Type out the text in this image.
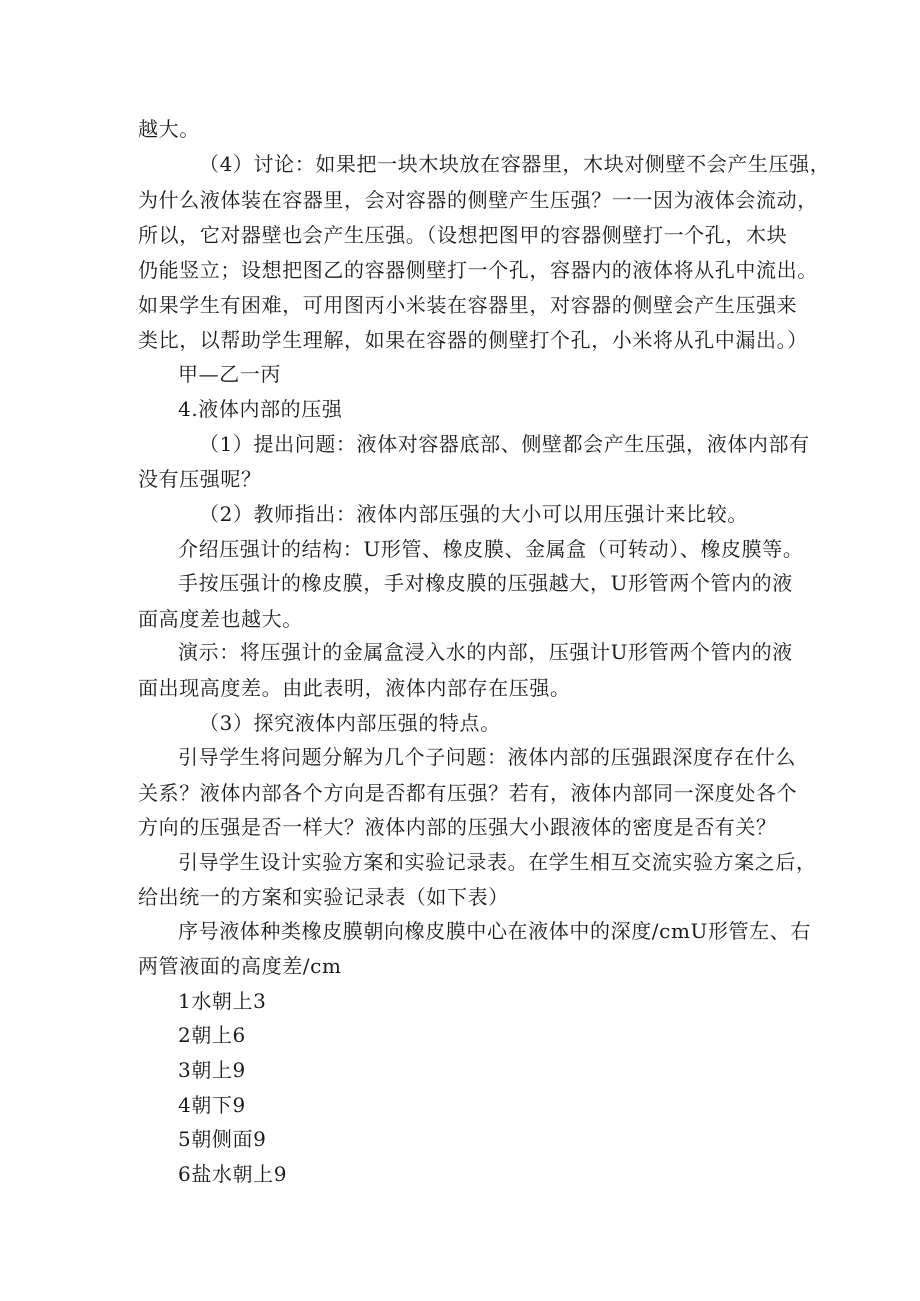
越大。
（4）讨论：如果把一块木块放在容器里，木块对侧壁不会产生压强，
为什么液体装在容器里，会对容器的侧壁产生压强？一一因为液体会流动，
所以，它对器壁也会产生压强。（设想把图甲的容器侧壁打一个孔，木块
仍能竖立；设想把图乙的容器侧壁打一个孔，容器内的液体将从孔中流出。
如果学生有困难，可用图丙小米装在容器里，对容器的侧壁会产生压强来
类比，以帮助学生理解，如果在容器的侧壁打个孔，小米将从孔中漏出。）
甲—乙一丙
4.液体内部的压强
（1）提出问题：液体对容器底部、侧壁都会产生压强，液体内部有
没有压强呢？
（2）教师指出：液体内部压强的大小可以用压强计来比较。
介绍压强计的结构：U形管、橡皮膜、金属盒（可转动）、橡皮膜等。
手按压强计的橡皮膜，手对橡皮膜的压强越大，U形管两个管内的液
面高度差也越大。
演示：将压强计的金属盒浸入水的内部，压强计U形管两个管内的液
面出现高度差。由此表明，液体内部存在压强。
（3）探究液体内部压强的特点。
引导学生将问题分解为几个子问题：液体内部的压强跟深度存在什么
关系？液体内部各个方向是否都有压强？若有，液体内部同一深度处各个
方向的压强是否一样大？液体内部的压强大小跟液体的密度是否有关？
引导学生设计实验方案和实验记录表。在学生相互交流实验方案之后，
给出统一的方案和实验记录表（如下表）
序号液体种类橡皮膜朝向橡皮膜中心在液体中的深度/cmU形管左、右
两管液面的高度差/cm
1水朝上3
2朝上6
3朝上9
4朝下9
5朝侧面9
6盐水朝上9
